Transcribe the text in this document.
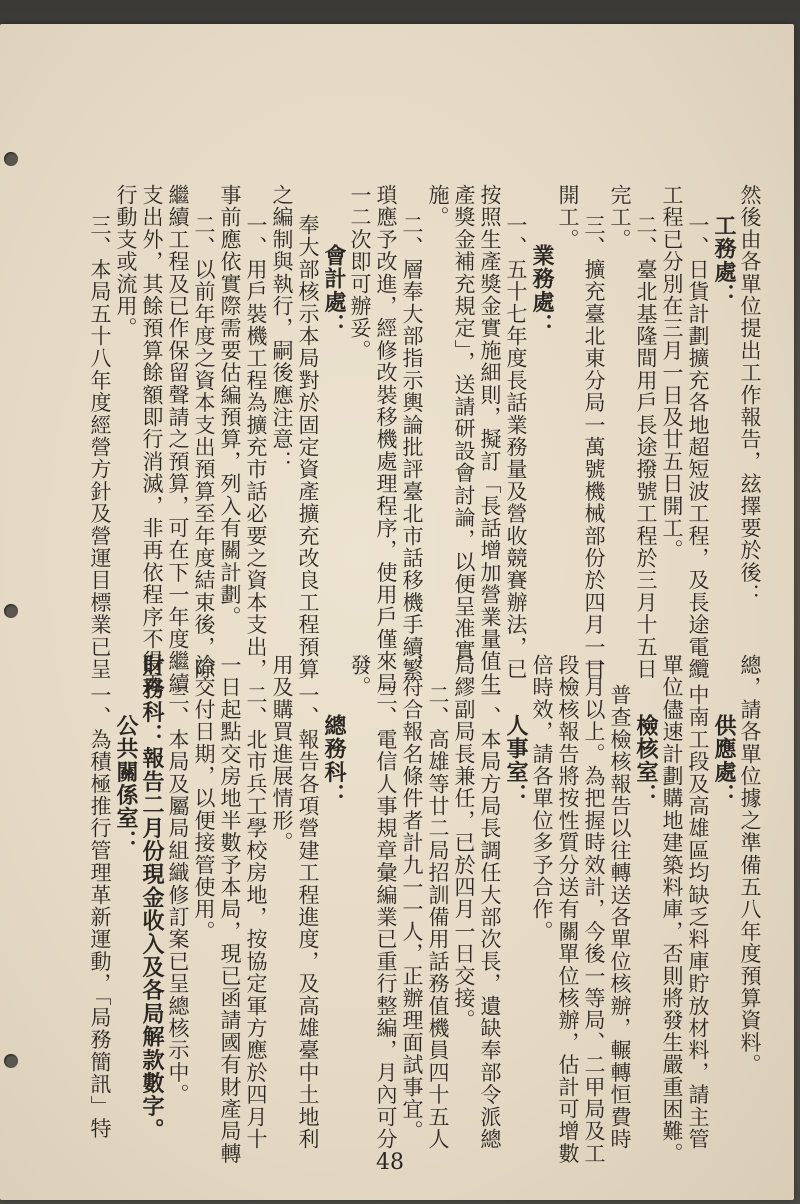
然後由各單位提出工作報告，玆擇要於後：
工務處：
一、日貨計劃擴充各地超短波工程，及長途電纜
工程已分別在三月一日及廿五日開工。
二、臺北基隆間用戶長途撥號工程於三月十五日
完工。
三、擴充臺北東分局一萬號機械部份於四月一日
開工。
業務處：
一、五十七年度長話業務量及營收競賽辦法，已
按照生產獎金實施細則，擬訂「長話增加營業量值生
產獎金補充規定」，送請研設會討論，以便呈准實
施。
二、層奉大部指示輿論批評臺北市話移機手續繁
瑣應予改進，經修改裝移機處理程序，使用戶僅來局
一二次即可辦妥。
會計處：
奉大部核示本局對於固定資產擴充改良工程預算
之編制與執行，嗣後應注意：
一、用戶裝機工程為擴充市話必要之資本支出，
事前應依實際需要估編預算，列入有關計劃。
二、以前年度之資本支出預算至年度結束後，除
繼續工程及已作保留聲請之預算，可在下一年度繼續
支出外，其餘預算餘額即行消滅，非再依程序不得再
行動支或流用。
三、本局五十八年度經營方針及營運目標業已呈
總，請各單位據之準備五八年度預算資料。
供應處：
中南工段及高雄區均缺乏料庫貯放材料，請主管
單位儘速計劃購地建築料庫，否則將發生嚴重困難。
檢核室：
普查檢核報告以往轉送各單位核辦，輾轉恒費時
一月以上。為把握時效計，今後一等局、二甲局及工
段檢核報告將按性質分送有關單位核辦，估計可增數
倍時效，請各單位多予合作。
人事室：
一、本局方局長調任大部次長，遺缺奉部令派總
局繆副局長兼任，已於四月一日交接。
二、高雄等廿二局招訓備用話務值機員四十五人
，符合報名條件者計九一一人，正辦理面試事宜。
三、電信人事規章彙編業已重行整編，月內可分
發。
總務科：
一、報告各項營建工程進度，及高雄臺中土地利
用及購買進展情形。
二、北市兵工學校房地，按協定軍方應於四月十
一日起點交房地半數予本局，現已函請國有財產局轉
洽交付日期，以便接管使用。
三、本局及屬局組織修訂案已呈總核示中。
財務科：報告二月份現金收入及各局解款數字。
公共關係室：
一、為積極推行管理革新運動，「局務簡訊」特
48
